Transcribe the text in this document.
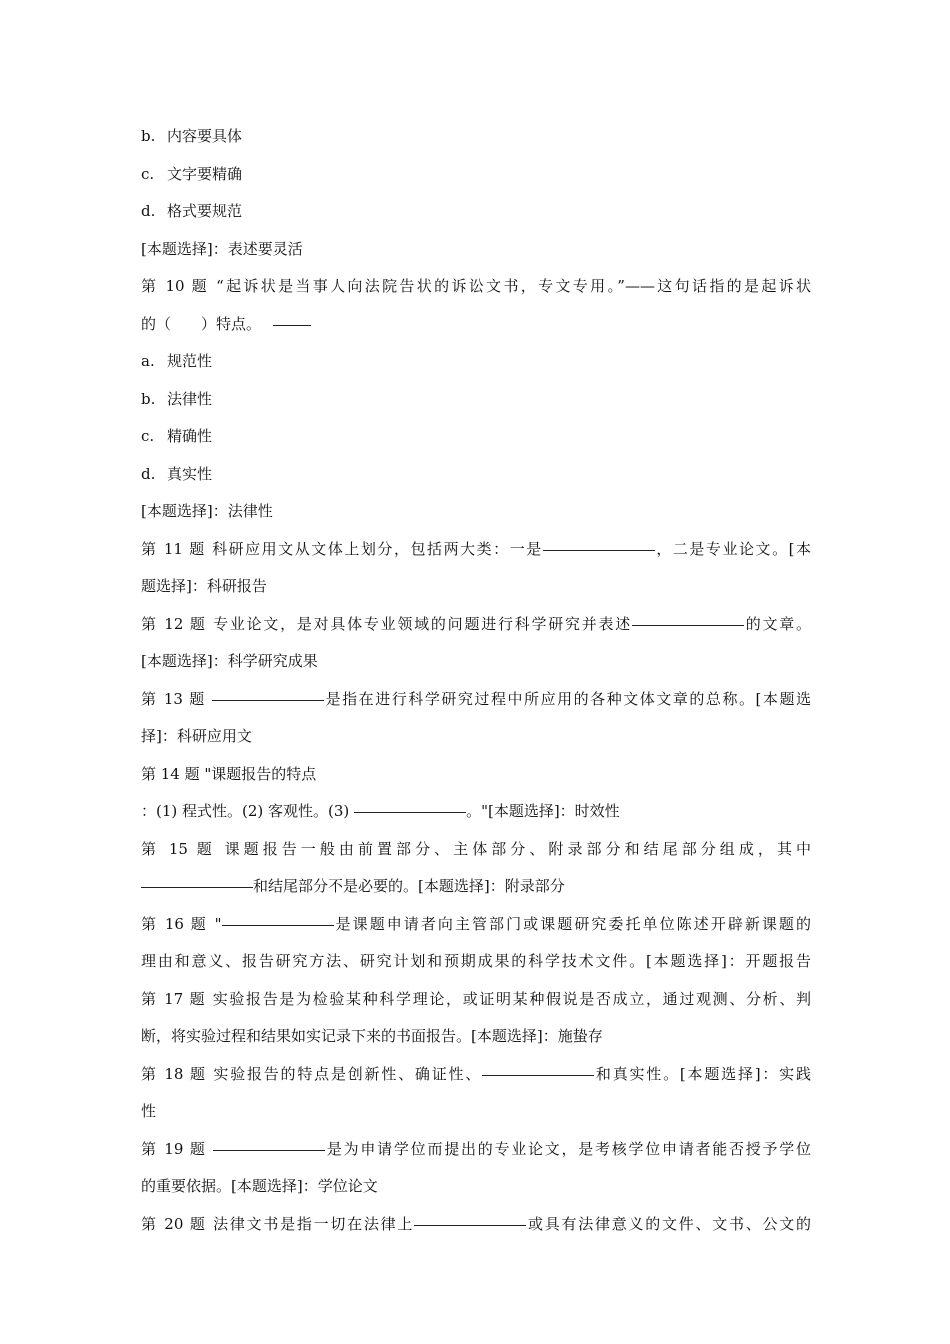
b. 内容要具体
c. 文字要精确
d. 格式要规范
[本题选择]：表述要灵活
第 10 题 “起诉状是当事人向法院告状的诉讼文书，专文专用。”——这句话指的是起诉状
的（　　）特点。
a. 规范性
b. 法律性
c. 精确性
d. 真实性
[本题选择]：法律性
第 11 题 科研应用文从文体上划分，包括两大类：一是	，二是专业论文。[本
题选择]：科研报告
第 12 题 专业论文，是对具体专业领域的问题进行科学研究并表述	的文章。
[本题选择]：科学研究成果
第 13 题	是指在进行科学研究过程中所应用的各种文体文章的总称。[本题选
择]：科研应用文
第 14 题 "课题报告的特点
：(1) 程式性。(2) 客观性。(3)	。"[本题选择]：时效性
第 15 题 课题报告一般由前置部分、主体部分、附录部分和结尾部分组成，其中
和结尾部分不是必要的。[本题选择]：附录部分
第 16 题 "	是课题申请者向主管部门或课题研究委托单位陈述开辟新课题的
理由和意义、报告研究方法、研究计划和预期成果的科学技术文件。[本题选择]：开题报告
第 17 题 实验报告是为检验某种科学理论，或证明某种假说是否成立，通过观测、分析、判
断，将实验过程和结果如实记录下来的书面报告。[本题选择]：施蛰存
第 18 题 实验报告的特点是创新性、确证性、	和真实性。[本题选择]：实践
性
第 19 题	是为申请学位而提出的专业论文，是考核学位申请者能否授予学位
的重要依据。[本题选择]：学位论文
第 20 题 法律文书是指一切在法律上	或具有法律意义的文件、文书、公文的
